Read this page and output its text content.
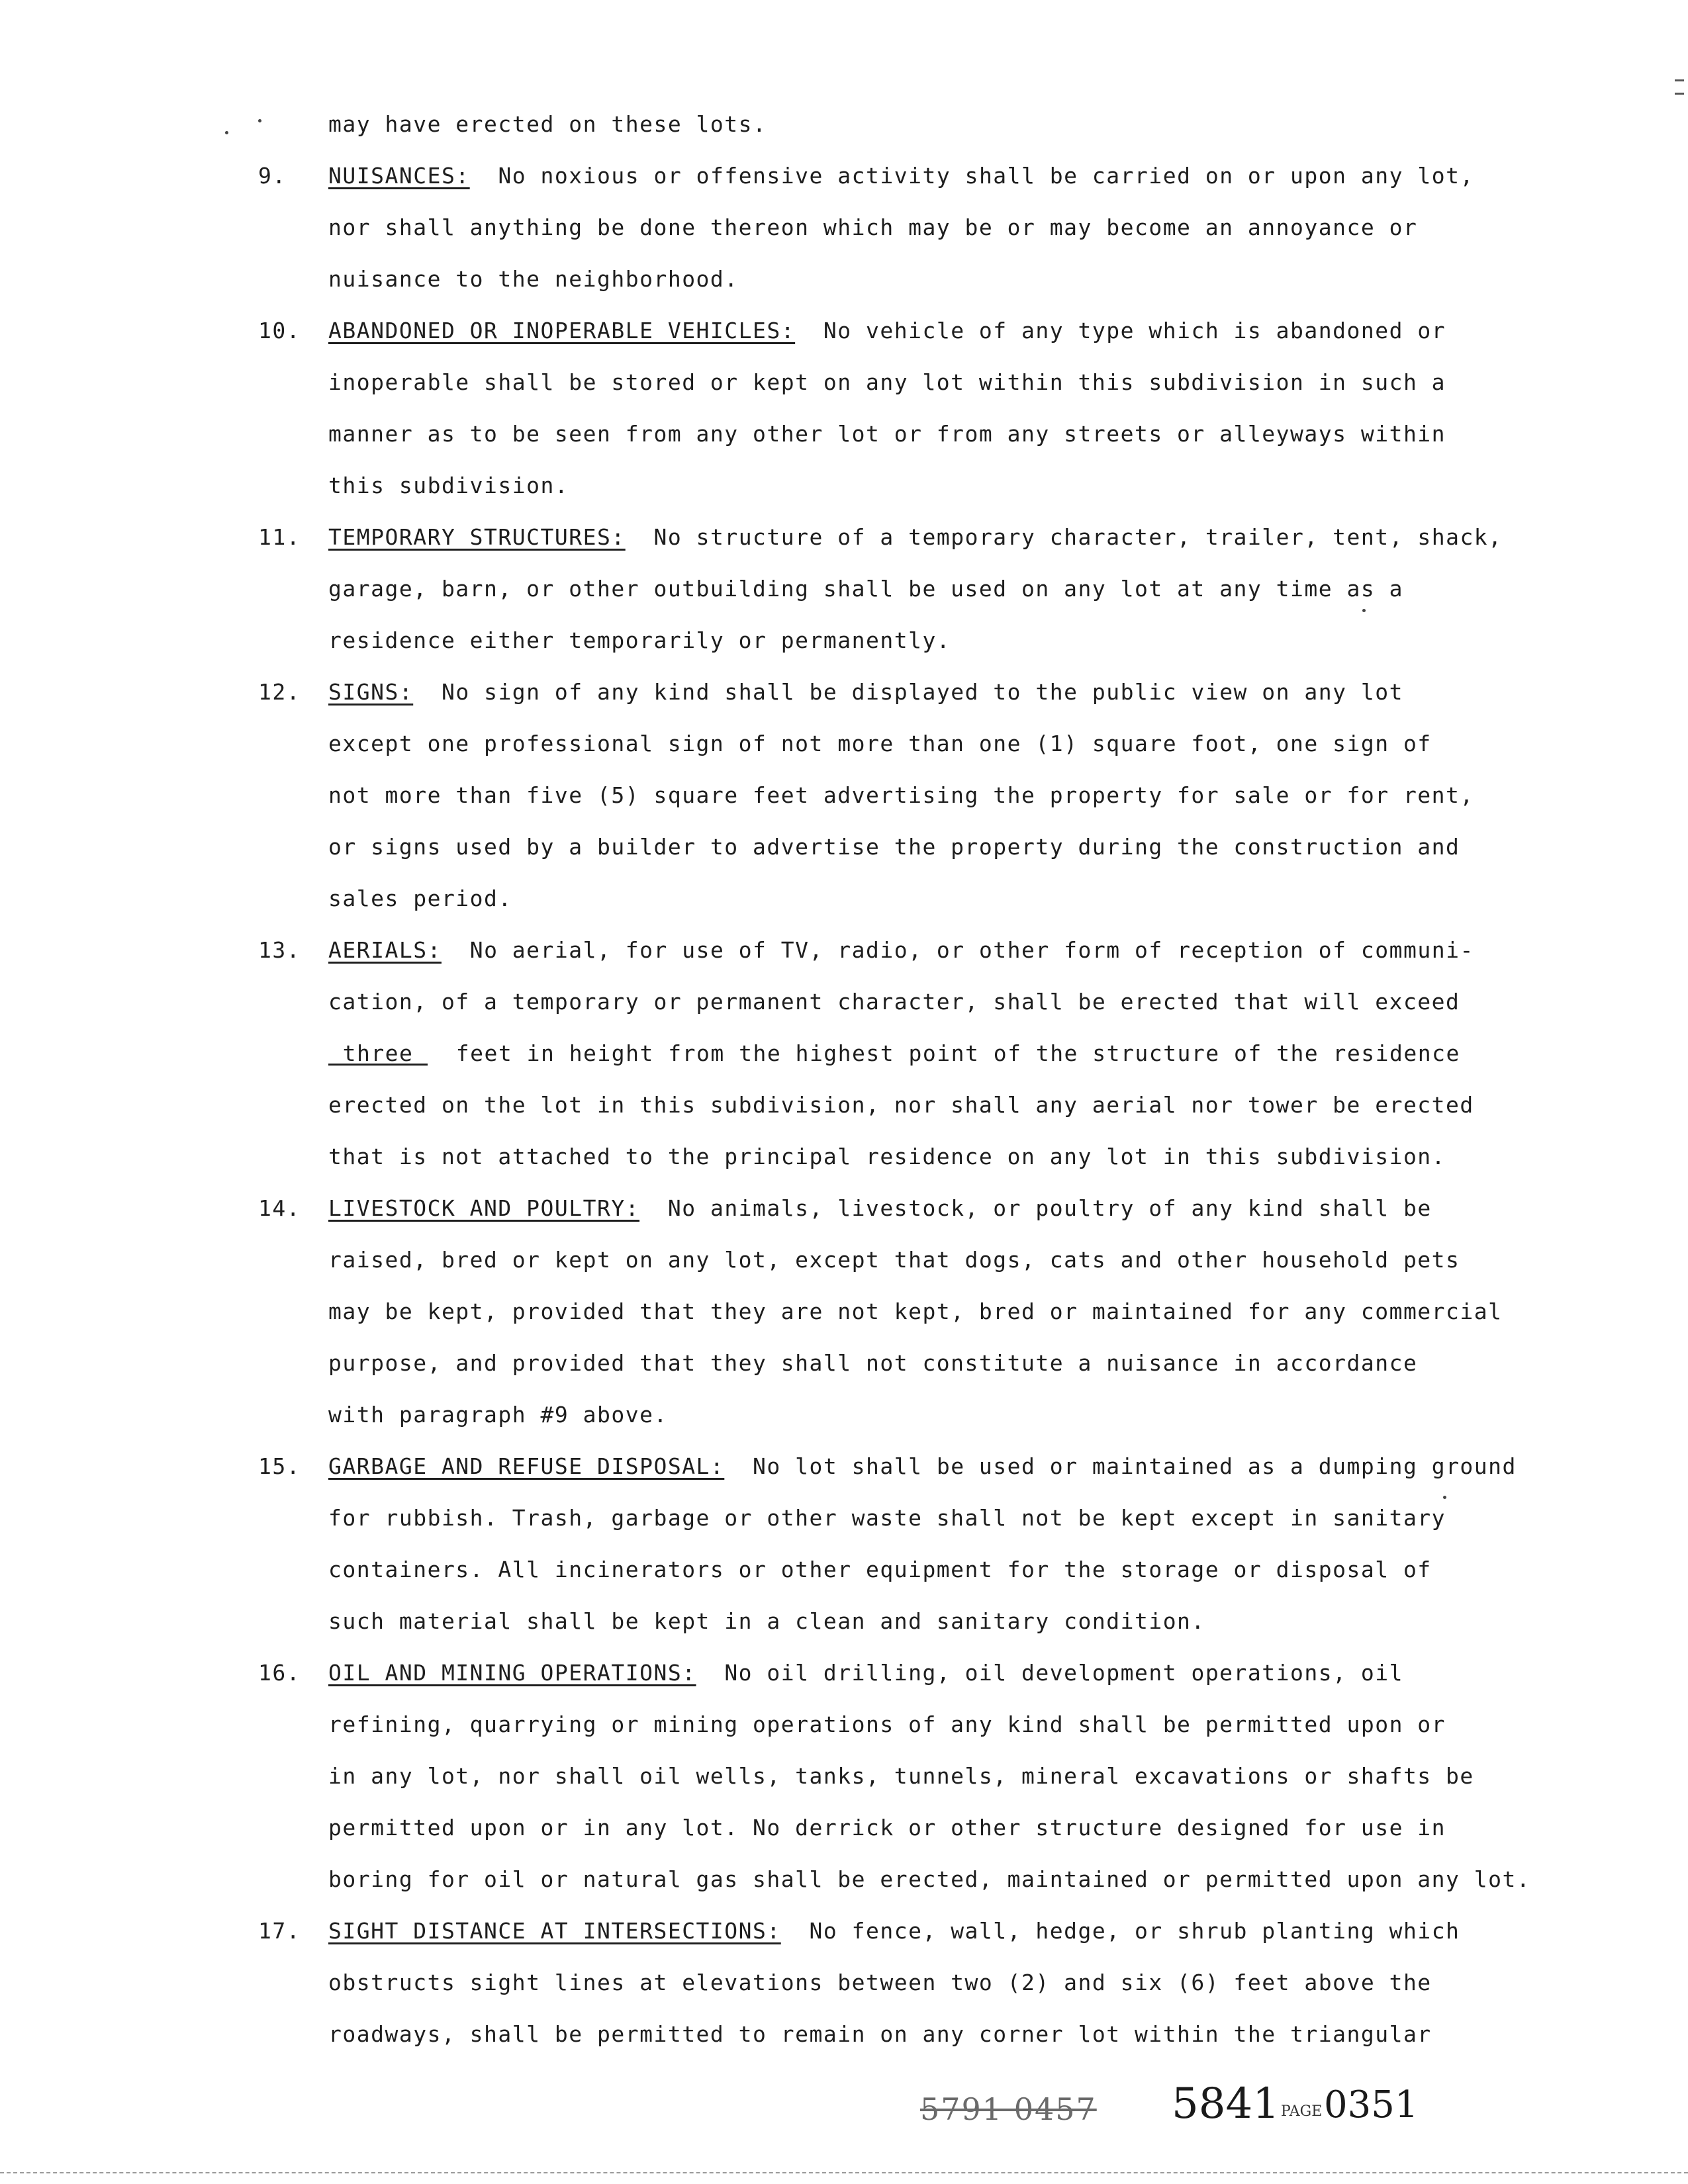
may have erected on these lots.
9. NUISANCES: No noxious or offensive activity shall be carried on or upon any lot,
nor shall anything be done thereon which may be or may become an annoyance or
nuisance to the neighborhood.
10. ABANDONED OR INOPERABLE VEHICLES: No vehicle of any type which is abandoned or
inoperable shall be stored or kept on any lot within this subdivision in such a
manner as to be seen from any other lot or from any streets or alleyways within
this subdivision.
11. TEMPORARY STRUCTURES: No structure of a temporary character, trailer, tent, shack,
garage, barn, or other outbuilding shall be used on any lot at any time as a
residence either temporarily or permanently.
12. SIGNS: No sign of any kind shall be displayed to the public view on any lot
except one professional sign of not more than one (1) square foot, one sign of
not more than five (5) square feet advertising the property for sale or for rent,
or signs used by a builder to advertise the property during the construction and
sales period.
13. AERIALS: No aerial, for use of TV, radio, or other form of reception of communi-
cation, of a temporary or permanent character, shall be erected that will exceed
three feet in height from the highest point of the structure of the residence
erected on the lot in this subdivision, nor shall any aerial nor tower be erected
that is not attached to the principal residence on any lot in this subdivision.
14. LIVESTOCK AND POULTRY: No animals, livestock, or poultry of any kind shall be
raised, bred or kept on any lot, except that dogs, cats and other household pets
may be kept, provided that they are not kept, bred or maintained for any commercial
purpose, and provided that they shall not constitute a nuisance in accordance
with paragraph #9 above.
15. GARBAGE AND REFUSE DISPOSAL: No lot shall be used or maintained as a dumping ground
for rubbish. Trash, garbage or other waste shall not be kept except in sanitary
containers. All incinerators or other equipment for the storage or disposal of
such material shall be kept in a clean and sanitary condition.
16. OIL AND MINING OPERATIONS: No oil drilling, oil development operations, oil
refining, quarrying or mining operations of any kind shall be permitted upon or
in any lot, nor shall oil wells, tanks, tunnels, mineral excavations or shafts be
permitted upon or in any lot. No derrick or other structure designed for use in
boring for oil or natural gas shall be erected, maintained or permitted upon any lot.
17. SIGHT DISTANCE AT INTERSECTIONS: No fence, wall, hedge, or shrub planting which
obstructs sight lines at elevations between two (2) and six (6) feet above the
roadways, shall be permitted to remain on any corner lot within the triangular
5791 0457 5841 PAGE 0351
